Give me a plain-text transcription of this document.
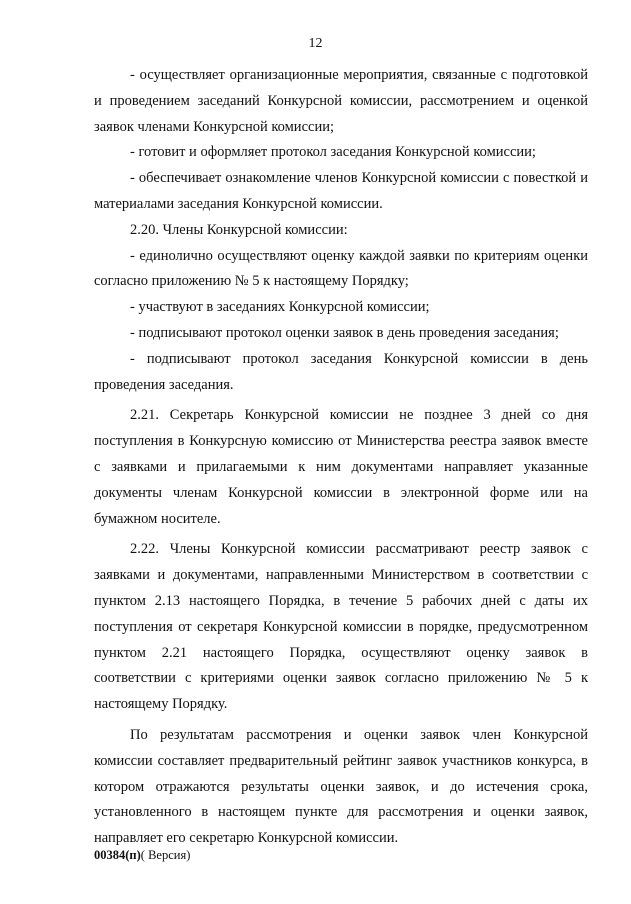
12

- осуществляет организационные мероприятия, связанные с подготовкой и проведением заседаний Конкурсной комиссии, рассмотрением и оценкой заявок членами Конкурсной комиссии;

- готовит и оформляет протокол заседания Конкурсной комиссии;

- обеспечивает ознакомление членов Конкурсной комиссии с повесткой и материалами заседания Конкурсной комиссии.

2.20. Члены Конкурсной комиссии:

- единолично осуществляют оценку каждой заявки по критериям оценки согласно приложению № 5 к настоящему Порядку;

- участвуют в заседаниях Конкурсной комиссии;

- подписывают протокол оценки заявок в день проведения заседания;

- подписывают протокол заседания Конкурсной комиссии в день проведения заседания.

2.21. Секретарь Конкурсной комиссии не позднее 3 дней со дня поступления в Конкурсную комиссию от Министерства реестра заявок вместе с заявками и прилагаемыми к ним документами направляет указанные документы членам Конкурсной комиссии в электронной форме или на бумажном носителе.

2.22. Члены Конкурсной комиссии рассматривают реестр заявок с заявками и документами, направленными Министерством в соответствии с пунктом 2.13 настоящего Порядка, в течение 5 рабочих дней с даты их поступления от секретаря Конкурсной комиссии в порядке, предусмотренном пунктом 2.21 настоящего Порядка, осуществляют оценку заявок в соответствии с критериями оценки заявок согласно приложению № 5 к настоящему Порядку.

По результатам рассмотрения и оценки заявок член Конкурсной комиссии составляет предварительный рейтинг заявок участников конкурса, в котором отражаются результаты оценки заявок, и до истечения срока, установленного в настоящем пункте для рассмотрения и оценки заявок, направляет его секретарю Конкурсной комиссии.

00384(п)( Версия)
